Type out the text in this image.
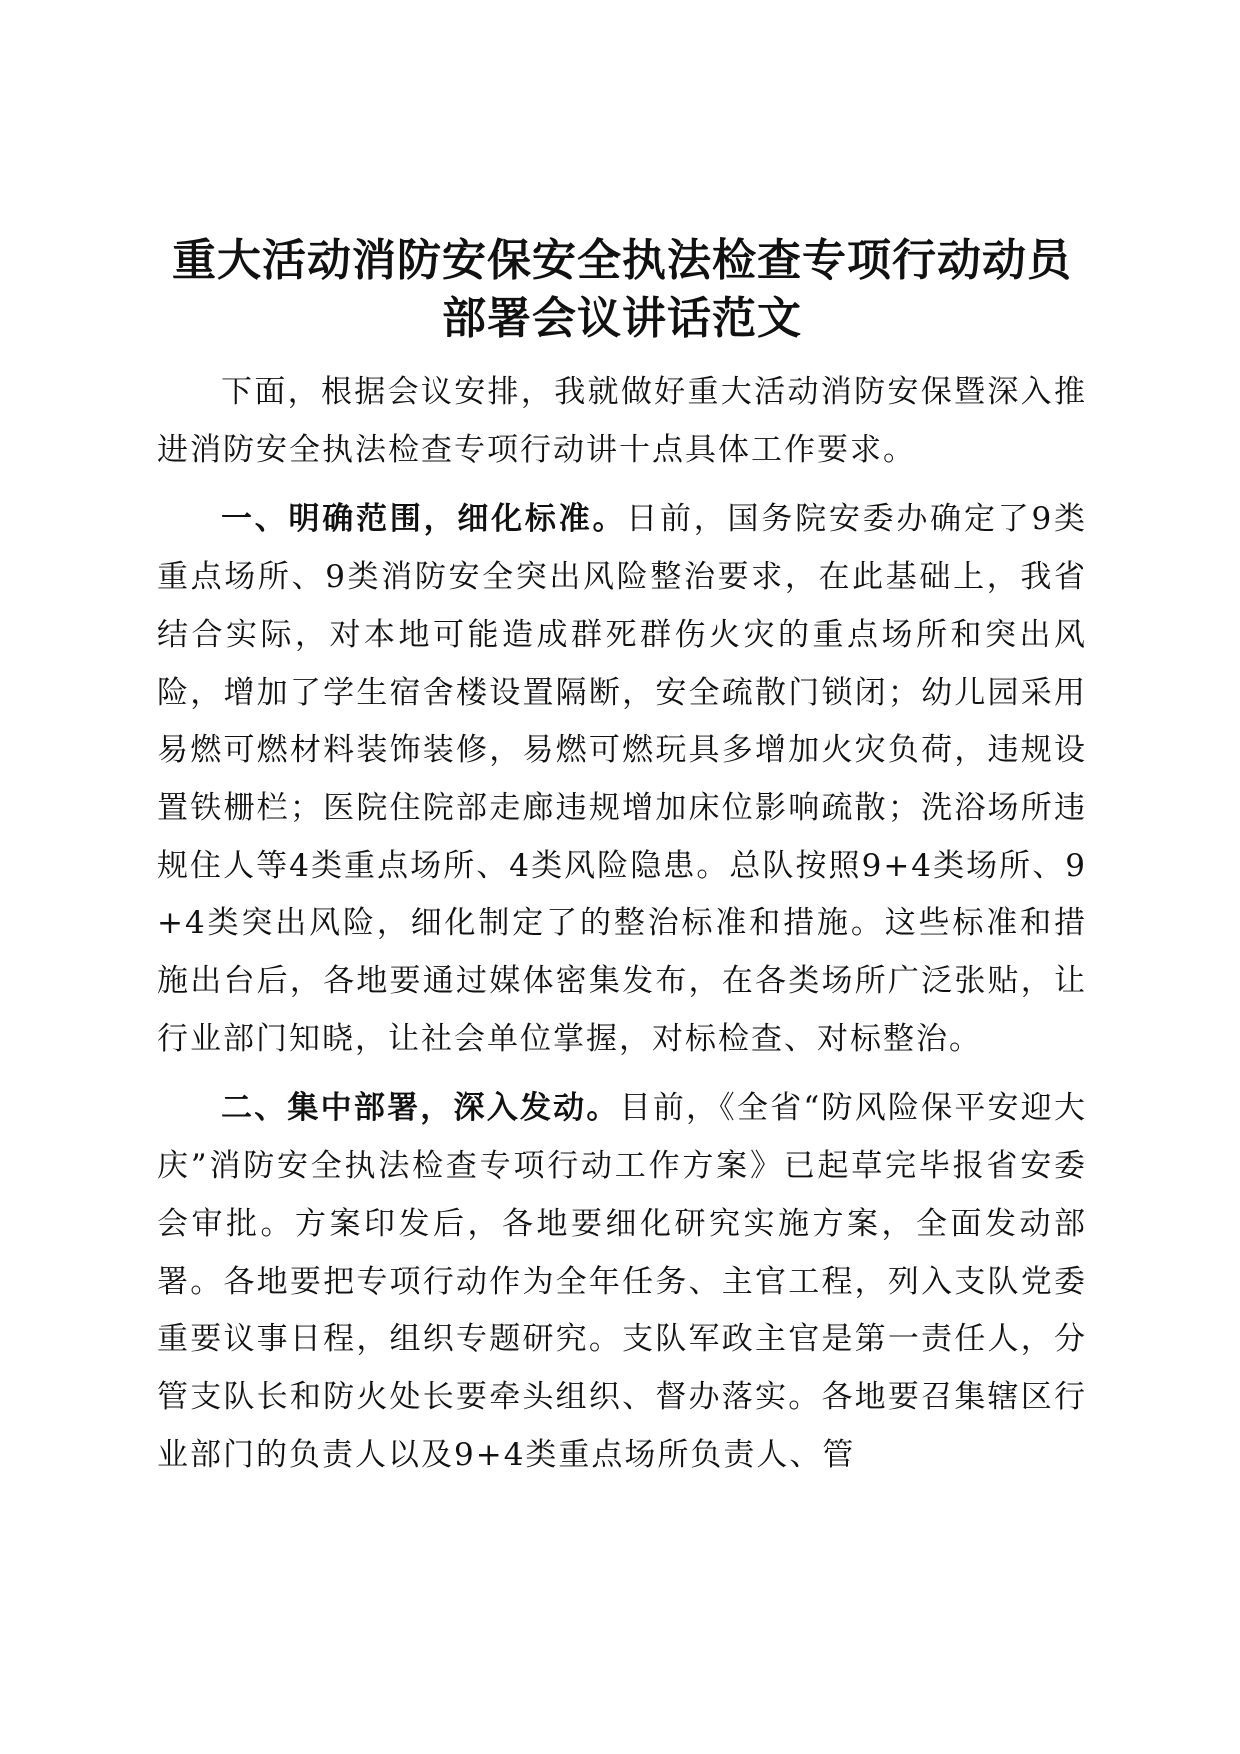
重大活动消防安保安全执法检查专项行动动员
部署会议讲话范文

下面，根据会议安排，我就做好重大活动消防安保暨深入推进消防安全执法检查专项行动讲十点具体工作要求。

一、明确范围，细化标准。日前，国务院安委办确定了9类重点场所、9类消防安全突出风险整治要求，在此基础上，我省结合实际，对本地可能造成群死群伤火灾的重点场所和突出风险，增加了学生宿舍楼设置隔断，安全疏散门锁闭；幼儿园采用易燃可燃材料装饰装修，易燃可燃玩具多增加火灾负荷，违规设置铁栅栏；医院住院部走廊违规增加床位影响疏散；洗浴场所违规住人等4类重点场所、4类风险隐患。总队按照9+4类场所、9+4类突出风险，细化制定了的整治标准和措施。这些标准和措施出台后，各地要通过媒体密集发布，在各类场所广泛张贴，让行业部门知晓，让社会单位掌握，对标检查、对标整治。

二、集中部署，深入发动。目前，《全省“防风险保平安迎大庆”消防安全执法检查专项行动工作方案》已起草完毕报省安委会审批。方案印发后，各地要细化研究实施方案，全面发动部署。各地要把专项行动作为全年任务、主官工程，列入支队党委重要议事日程，组织专题研究。支队军政主官是第一责任人，分管支队长和防火处长要牵头组织、督办落实。各地要召集辖区行业部门的负责人以及9+4类重点场所负责人、管
